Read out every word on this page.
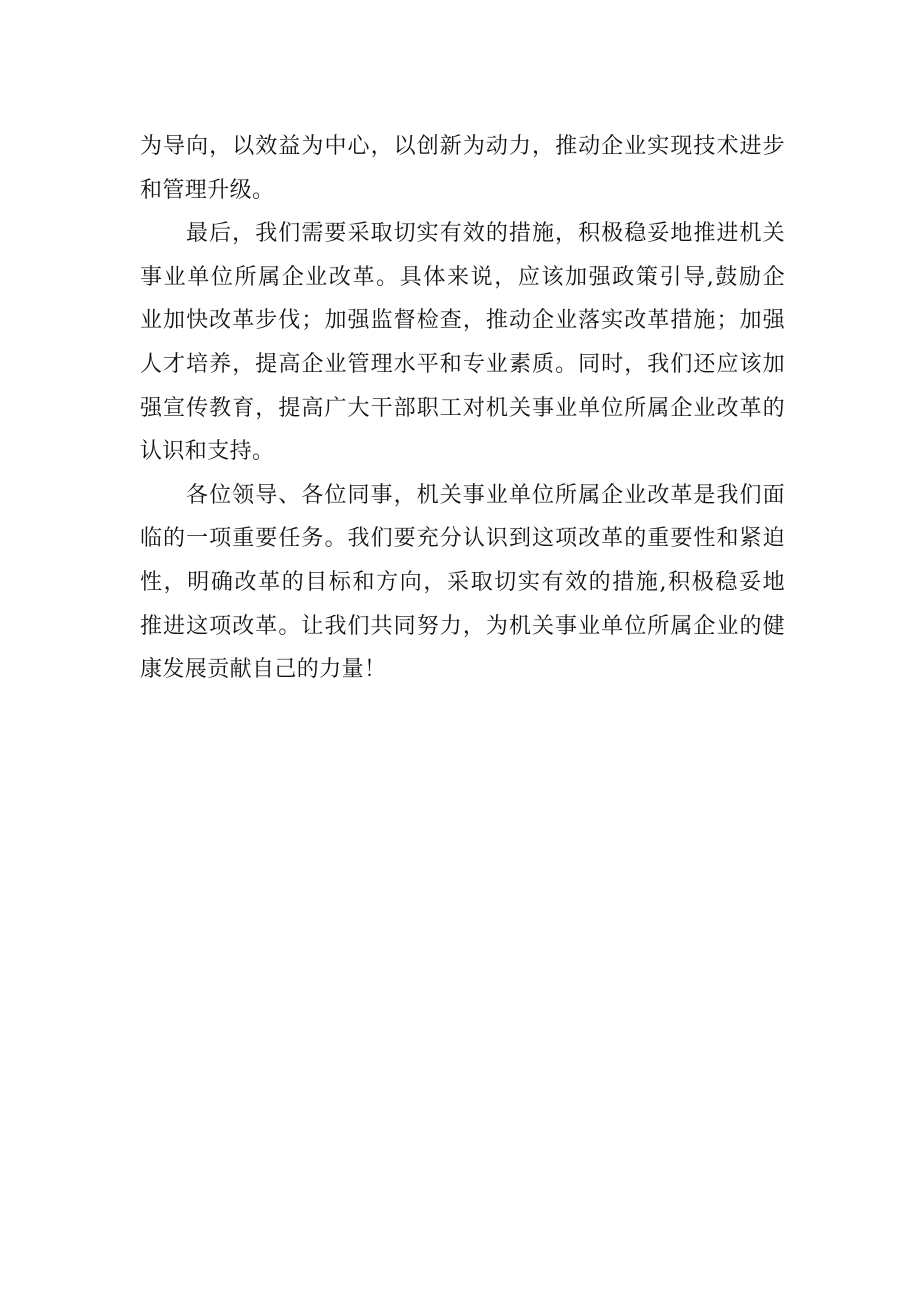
为导向，以效益为中心，以创新为动力，推动企业实现技术进步
和管理升级。
最后，我们需要采取切实有效的措施，积极稳妥地推进机关
事业单位所属企业改革。具体来说，应该加强政策引导,鼓励企
业加快改革步伐；加强监督检查，推动企业落实改革措施；加强
人才培养，提高企业管理水平和专业素质。同时，我们还应该加
强宣传教育，提高广大干部职工对机关事业单位所属企业改革的
认识和支持。
各位领导、各位同事，机关事业单位所属企业改革是我们面
临的一项重要任务。我们要充分认识到这项改革的重要性和紧迫
性，明确改革的目标和方向，采取切实有效的措施,积极稳妥地
推进这项改革。让我们共同努力，为机关事业单位所属企业的健
康发展贡献自己的力量！
